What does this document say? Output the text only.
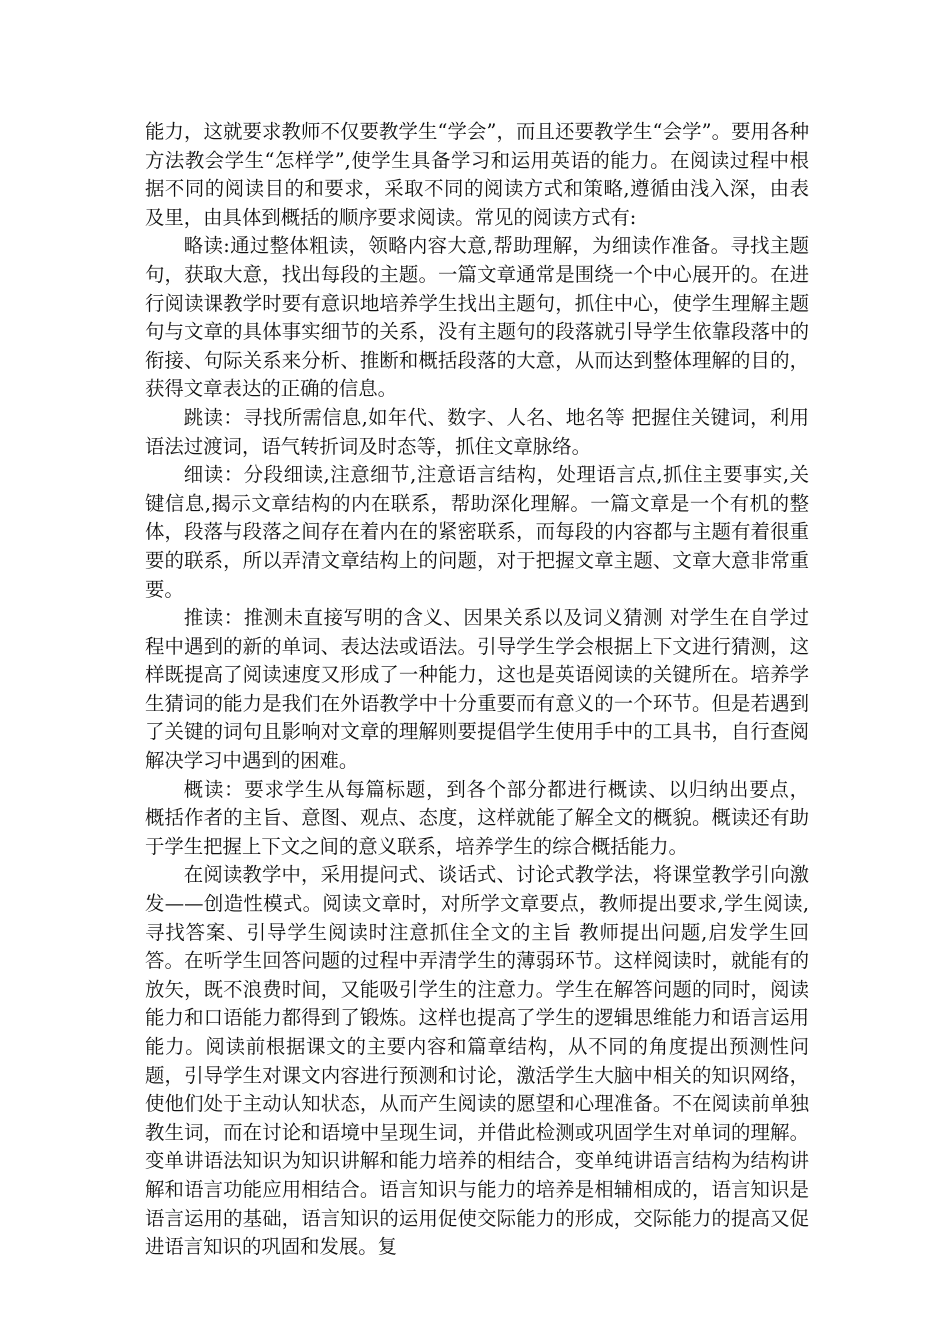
能力，这就要求教师不仅要教学生“学会”，而且还要教学生“会学”。要用各种方法教会学生“怎样学”,使学生具备学习和运用英语的能力。在阅读过程中根据不同的阅读目的和要求，采取不同的阅读方式和策略,遵循由浅入深，由表及里，由具体到概括的顺序要求阅读。常见的阅读方式有:

略读:通过整体粗读，领略内容大意,帮助理解，为细读作准备。寻找主题句，获取大意，找出每段的主题。一篇文章通常是围绕一个中心展开的。在进行阅读课教学时要有意识地培养学生找出主题句，抓住中心，使学生理解主题句与文章的具体事实细节的关系，没有主题句的段落就引导学生依靠段落中的衔接、句际关系来分析、推断和概括段落的大意，从而达到整体理解的目的，获得文章表达的正确的信息。

跳读：寻找所需信息,如年代、数字、人名、地名等 把握住关键词，利用语法过渡词，语气转折词及时态等，抓住文章脉络。

细读：分段细读,注意细节,注意语言结构，处理语言点,抓住主要事实,关键信息,揭示文章结构的内在联系，帮助深化理解。一篇文章是一个有机的整体，段落与段落之间存在着内在的紧密联系，而每段的内容都与主题有着很重要的联系，所以弄清文章结构上的问题，对于把握文章主题、文章大意非常重要。

推读：推测未直接写明的含义、因果关系以及词义猜测 对学生在自学过程中遇到的新的单词、表达法或语法。引导学生学会根据上下文进行猜测，这样既提高了阅读速度又形成了一种能力，这也是英语阅读的关键所在。培养学生猜词的能力是我们在外语教学中十分重要而有意义的一个环节。但是若遇到了关键的词句且影响对文章的理解则要提倡学生使用手中的工具书，自行查阅解决学习中遇到的困难。

概读：要求学生从每篇标题，到各个部分都进行概读、以归纳出要点， 概括作者的主旨、意图、观点、态度，这样就能了解全文的概貌。概读还有助于学生把握上下文之间的意义联系，培养学生的综合概括能力。

在阅读教学中，采用提问式、谈话式、讨论式教学法，将课堂教学引向激发——创造性模式。阅读文章时，对所学文章要点，教师提出要求,学生阅读,寻找答案、引导学生阅读时注意抓住全文的主旨 教师提出问题,启发学生回答。在听学生回答问题的过程中弄清学生的薄弱环节。这样阅读时，就能有的放矢，既不浪费时间，又能吸引学生的注意力。学生在解答问题的同时，阅读能力和口语能力都得到了锻炼。这样也提高了学生的逻辑思维能力和语言运用能力。阅读前根据课文的主要内容和篇章结构，从不同的角度提出预测性问题，引导学生对课文内容进行预测和讨论，激活学生大脑中相关的知识网络，使他们处于主动认知状态，从而产生阅读的愿望和心理准备。不在阅读前单独教生词，而在讨论和语境中呈现生词，并借此检测或巩固学生对单词的理解。变单讲语法知识为知识讲解和能力培养的相结合，变单纯讲语言结构为结构讲解和语言功能应用相结合。语言知识与能力的培养是相辅相成的，语言知识是语言运用的基础，语言知识的运用促使交际能力的形成，交际能力的提高又促进语言知识的巩固和发展。复
